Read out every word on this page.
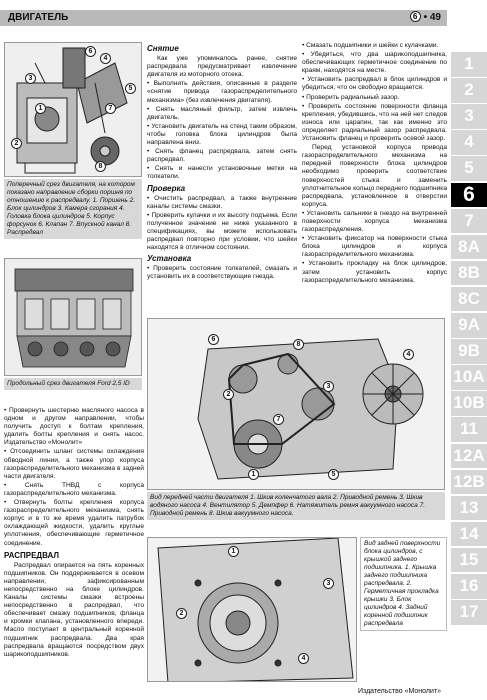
ДВИГАТЕЛЬ	6 • 49
1
2
3
4
5
6
7
8A
8B
8C
9A
9B
10A
10B
11
12A
12B
13
14
15
16
17
1
2
3
4
5
6
7
8
Поперечный срез двигателя, на котором показано направление сборки поршня по отношению к распредвалу. 1. Поршень 2. Блок цилиндров 3. Камера сгорания 4. Головка блока цилиндров 5. Корпус форсунок 6. Клапан 7. Впускной канал 8. Распредвал
Продольный срез двигателя Ford 2,5 ID

• Провернуть шестерню масляного насоса в одном и другом направлении, чтобы получить доступ к болтам крепления, удалить болты крепления и снять насос. Издательство «Монолит»

• Отсоединить шланг системы охлаждения обводной линии, а также упор корпуса газораспределительного механизма в задней части двигателя.

• Снять ТНВД с корпуса газораспределительного механизма.

• Отвернуть болты крепления корпуса газораспределительного механизма, снять корпус и в то же время удалить патрубок охлаждающей жидкости, удалить круглые уплотнения, обеспечивающие герметичное соединение.

РАСПРЕДВАЛ

Распредвал опирается на пять коренных подшипников. Он поддерживается в осевом направлении, зафиксированным непосредственно на блоке цилиндров. Каналы системы смазки встроены непосредственно в распредвал, что обеспечивает смазку подшипников, фланца и кромки клапана, установленного впереди. Масло поступает в центральный коренной подшипник распредвала. Два края распредвала вращаются посредством двух шарикоподшипников.

Снятие

Как уже упоминалось ранее, снятие распредвала предусматривает извлечение двигателя из моторного отсека.

• Выполнить действия, описанные в разделе «снятие привода газораспределительного механизма» (без извлечения двигателя).

• Снять масляный фильтр, затем извлечь двигатель.

• Установить двигатель на стенд таким образом, чтобы головка блока цилиндров была направлена вниз.

• Снять фланец распредвала, затем снять распредвал.

• Снять и нанести установочные метки на толкатели.

Проверка

• Очистить распредвал, а также внутренние каналы системы смазки.

• Проверить кулачки и их высоту подъема. Если полученное значение не ниже указанного в спецификациях, вы можете использовать распредвал повторно при условии, что шейки находятся в отличном состоянии.

Установка

• Проверить состояние толкателей, смазать и установить их в соответствующие гнезда.

• Смазать подшипники и шейки с кулачками.

• Убедиться, что два шарикоподшипника, обеспечивающих герметичное соединение по краям, находятся на месте.

• Установить распредвал в блок цилиндров и убедиться, что он свободно вращается.

• Проверить радиальный зазор.

• Проверить состояние поверхности фланца крепления, убедившись, что на ней нет следов износа или царапин, так как именно это определяет радиальный зазор распредвала. Установить фланец и проверить осевой зазор.

Перед установкой корпуса привода газораспределительного механизма на передней поверхности блока цилиндров необходимо проверить соответствие поверхностей стыка и заменить уплотнительное кольцо переднего подшипника распредвала, установленное в отверстии корпуса.

• Установить сальники в гнездо на внутренней поверхности корпуса механизма газораспределения.

• Установить фиксатор на поверхности стыка блока цилиндров и корпуса газораспределительного механизма.

• Установить прокладку на блок цилиндров, затем установить корпус газораспределительного механизма.

1
2
3
4
5
6
7
8
Вид передней части двигателя 1. Шкив коленчатого вала 2. Приводной ремень 3. Шкив водяного насоса 4. Вентилятор 5. Демпфер 6. Натяжитель ремня вакуумного насоса 7. Приводной ремень 8. Шкив вакуумного насоса.
1
2
3
4
Вид задней поверхности блока цилиндров, с крышкой заднего подшипника. 1. Крышка заднего подшипника распредвала. 2. Герметичная прокладка крышки 3. Блок цилиндров 4. Задний коренной подшипник распредвала
Издательство «Монолит»
